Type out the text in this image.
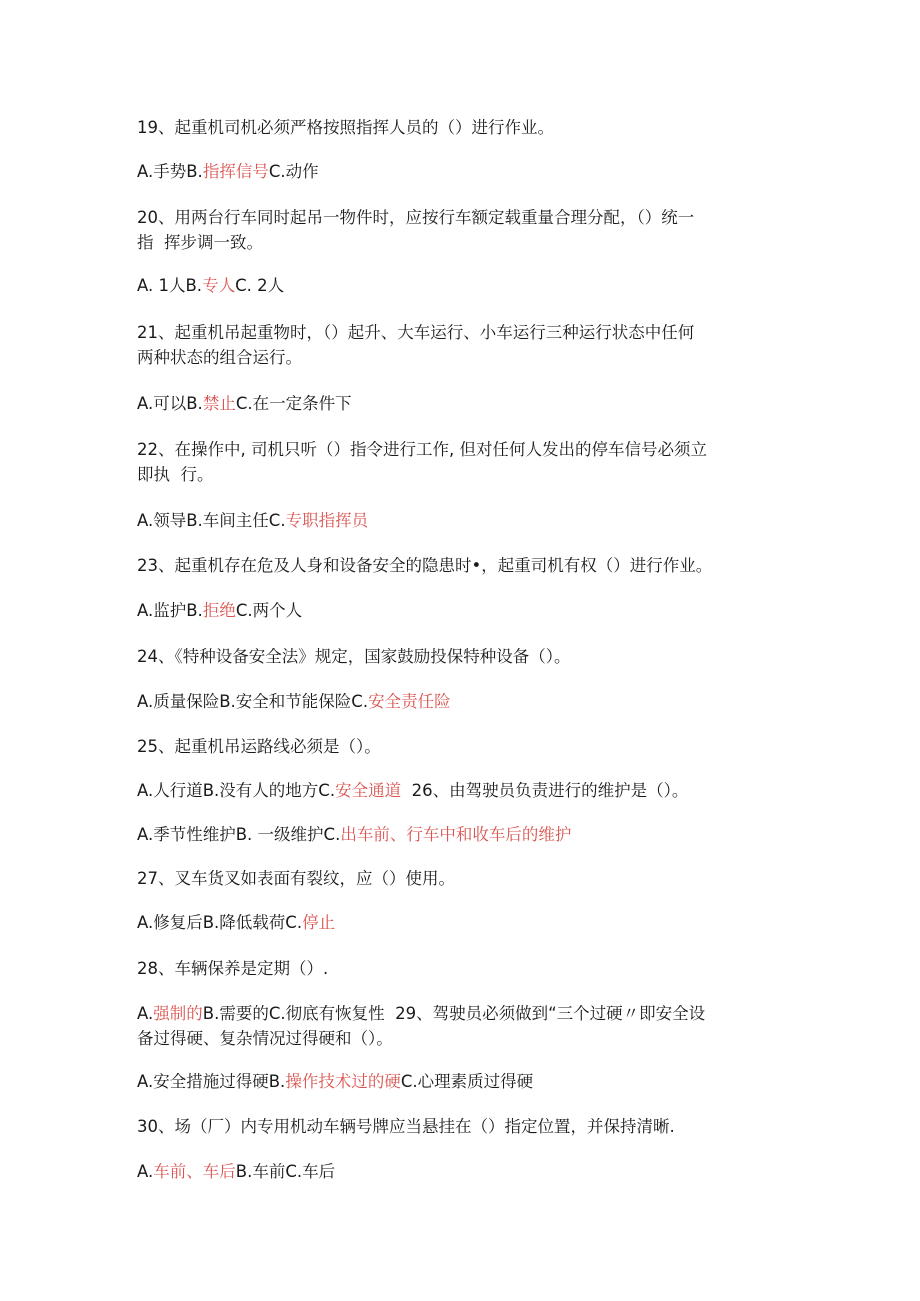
19、起重机司机必须严格按照指挥人员的（）进行作业。
A.手势B.指挥信号C.动作
20、用两台行车同时起吊一物件时，应按行车额定载重量合理分配，（）统一
指  挥步调一致。
A. 1人B.专人C. 2人
21、起重机吊起重物时，（）起升、大车运行、小车运行三种运行状态中任何
两种状态的组合运行。
A.可以B.禁止C.在一定条件下
22、在操作中, 司机只听（）指令进行工作, 但对任何人发出的停车信号必须立
即执  行。
A.领导B.车间主任C.专职指挥员
23、起重机存在危及人身和设备安全的隐患时•，起重司机有权（）进行作业。
A.监护B.拒绝C.两个人
24、《特种设备安全法》规定，国家鼓励投保特种设备（）。
A.质量保险B.安全和节能保险C.安全责任险
25、起重机吊运路线必须是（）。
A.人行道B.没有人的地方C.安全通道  26、由驾驶员负责进行的维护是（）。
A.季节性维护B. 一级维护C.出车前、行车中和收车后的维护
27、叉车货叉如表面有裂纹，应（）使用。
A.修复后B.降低载荷C.停止
28、车辆保养是定期（）.
A.强制的B.需要的C.彻底有恢复性  29、驾驶员必须做到“三个过硬〃即安全设
备过得硬、复杂情况过得硬和（）。
A.安全措施过得硬B.操作技术过的硬C.心理素质过得硬
30、场（厂）内专用机动车辆号牌应当悬挂在（）指定位置，并保持清晰.
A.车前、车后B.车前C.车后
